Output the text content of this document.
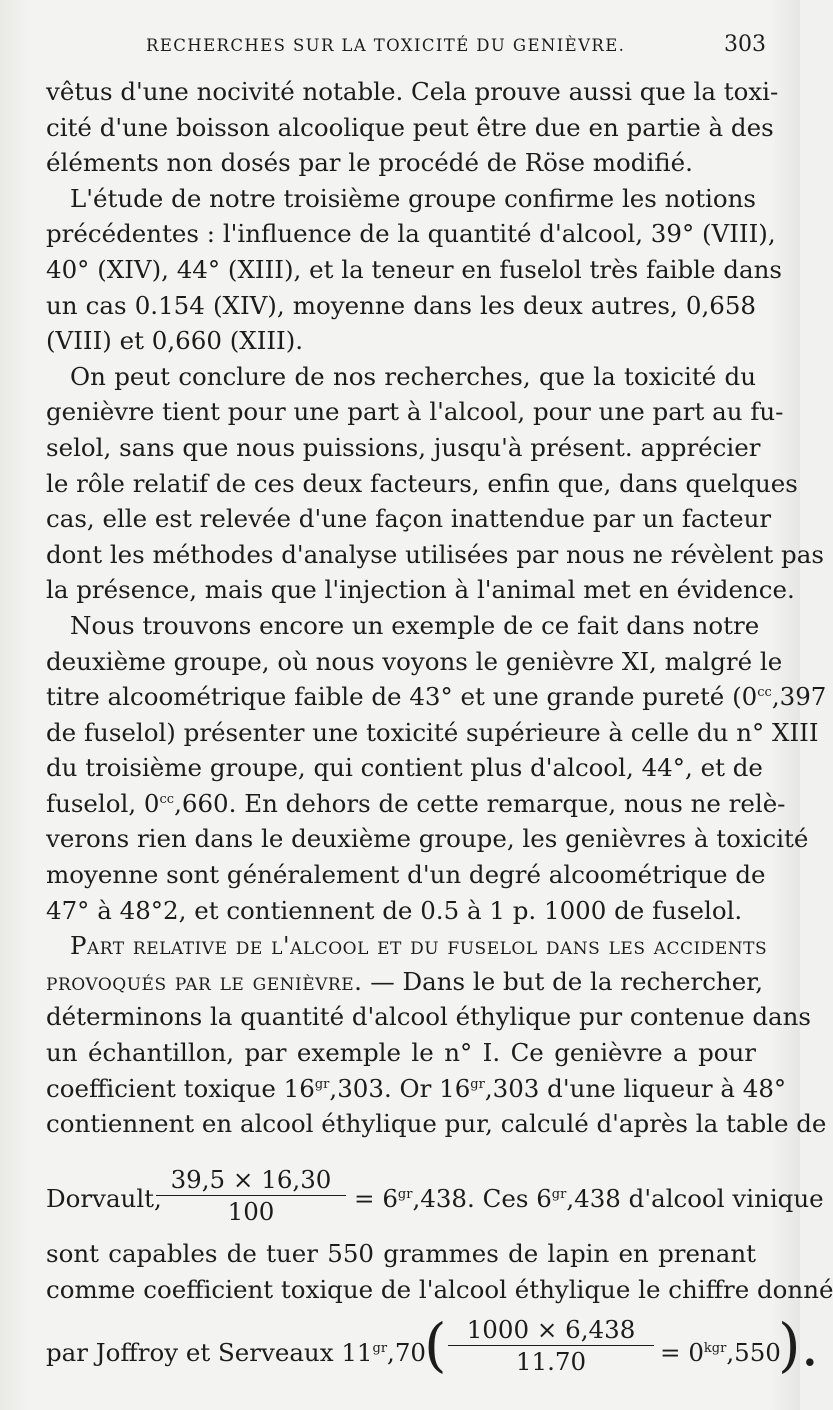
RECHERCHES SUR LA TOXICITÉ DU GENIÈVRE.	303
vêtus d'une nocivité notable. Cela prouve aussi que la toxi-
cité d'une boisson alcoolique peut être due en partie à des
éléments non dosés par le procédé de Röse modifié.
L'étude de notre troisième groupe confirme les notions
précédentes : l'influence de la quantité d'alcool, 39° (VIII),
40° (XIV), 44° (XIII), et la teneur en fuselol très faible dans
un cas 0.154 (XIV), moyenne dans les deux autres, 0,658
(VIII) et 0,660 (XIII).
On peut conclure de nos recherches, que la toxicité du
genièvre tient pour une part à l'alcool, pour une part au fu-
selol, sans que nous puissions, jusqu'à présent. apprécier
le rôle relatif de ces deux facteurs, enfin que, dans quelques
cas, elle est relevée d'une façon inattendue par un facteur
dont les méthodes d'analyse utilisées par nous ne révèlent pas
la présence, mais que l'injection à l'animal met en évidence.
Nous trouvons encore un exemple de ce fait dans notre
deuxième groupe, où nous voyons le genièvre XI, malgré le
titre alcoométrique faible de 43° et une grande pureté ($0^{cc},397$
de fuselol) présenter une toxicité supérieure à celle du n° XIII
du troisième groupe, qui contient plus d'alcool, 44°, et de
fuselol, $0^{cc},660$. En dehors de cette remarque, nous ne relè-
verons rien dans le deuxième groupe, les genièvres à toxicité
moyenne sont généralement d'un degré alcoométrique de
47° à 48°2, et contiennent de 0.5 à 1 p. 1000 de fuselol.
Part relative de l'alcool et du fuselol dans les accidents
provoqués par le genièvre. — Dans le but de la rechercher,
déterminons la quantité d'alcool éthylique pur contenue dans
un échantillon, par exemple le n° I. Ce genièvre a pour
coefficient toxique $16^{gr},303$. Or $16^{gr},303$ d'une liqueur à 48°
contiennent en alcool éthylique pur, calculé d'après la table de
Dorvault,
39,5 × 16,30
100	= $6^{gr},438$. Ces $6^{gr},438$ d'alcool vinique
sont capables de tuer 550 grammes de lapin en prenant
comme coefficient toxique de l'alcool éthylique le chiffre donné
par Joffroy et Serveaux $11^{gr},70$
( 1000 × 6,438
11.70	= $0^{kgr},550$
).
